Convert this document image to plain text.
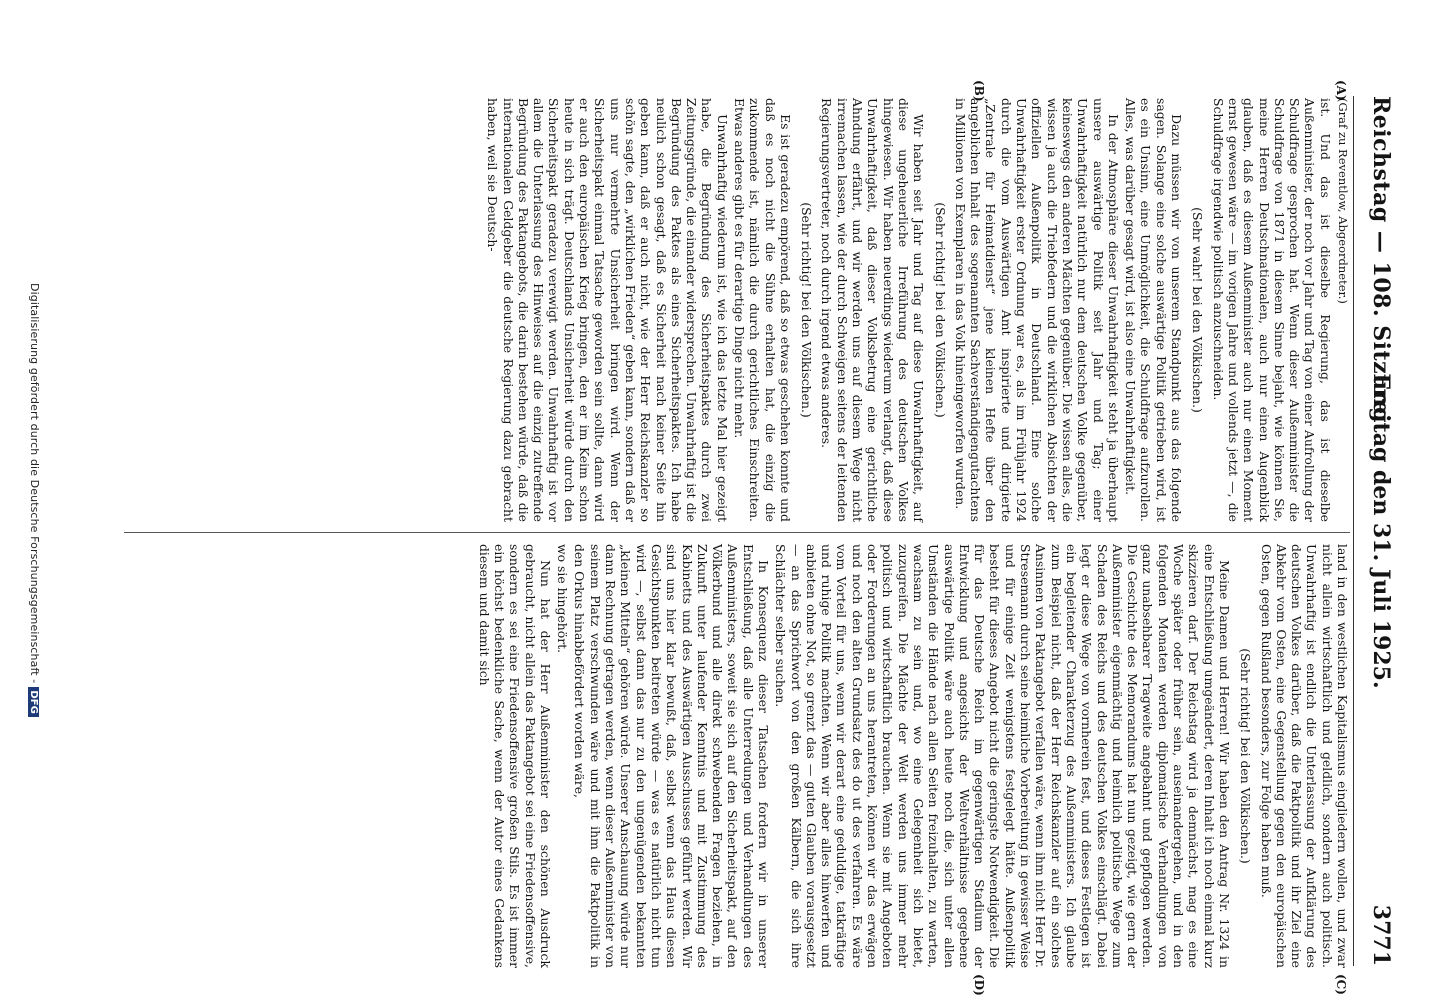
Reichstag — 108. Sitzung.
Freitag den 31. Juli 1925.
3771
(A)
(B)
(C)
(D)

(Graf zu Reventlow, Abgeordneter.)

ist. Und das ist dieselbe Regierung, das ist dieselbe Außenminister, der noch vor Jahr und Tag von einer Aufrollung der Schuldfrage gesprochen hat. Wenn dieser Außenminister die Schuldfrage von 1871 in diesem Sinne bejaht, wie können Sie, meine Herren Deutschnationalen, auch nur einen Augenblick glauben, daß es diesem Außenminister auch nur einen Moment ernst gewesen wäre — im vorigen Jahre und vollends jetzt —, die Schuldfrage irgendwie politisch anzuschneiden.

(Sehr wahr! bei den Völkischen.)

Dazu müssen wir von unserem Standpunkt aus das folgende sagen. Solange eine solche auswärtige Politik getrieben wird, ist es ein Unsinn, eine Unmöglichkeit, die Schuldfrage aufzurollen. Alles, was darüber gesagt wird, ist also eine Unwahrhaftigkeit.

In der Atmosphäre dieser Unwahrhaftigkeit steht ja überhaupt unsere auswärtige Politik seit Jahr und Tag; einer Unwahrhaftigkeit natürlich nur dem deutschen Volke gegenüber, keineswegs den anderen Mächten gegenüber. Die wissen alles, die wissen ja auch die Triebfedern und die wirklichen Absichten der offiziellen Außenpolitik in Deutschland. Eine solche Unwahrhaftigkeit erster Ordnung war es, als im Frühjahr 1924 durch die vom Auswärtigen Amt inspirierte und dirigierte „Zentrale für Heimatdienst“ jene kleinen Hefte über den angeblichen Inhalt des sogenannten Sachverständigengutachtens in Millionen von Exemplaren in das Volk hineingeworfen wurden.

(Sehr richtig! bei den Völkischen.)

Wir haben seit Jahr und Tag auf diese Unwahrhaftigkeit, auf diese ungeheuerliche Irreführung des deutschen Volkes hingewiesen. Wir haben neuerdings wiederum verlangt, daß diese Unwahrhaftigkeit, daß dieser Volksbetrug eine gerichtliche Ahndung erfährt, und wir werden uns auf diesem Wege nicht irremachen lassen, wie der durch Schweigen seitens der leitenden Regierungsvertreter, noch durch irgend etwas anderes.

(Sehr richtig! bei den Völkischen.)

Es ist geradezu empörend, daß so etwas geschehen konnte und daß es noch nicht die Sühne erhalten hat, die einzig die zukommende ist, nämlich die durch gerichtliches Einschreiten. Etwas anderes gibt es für derartige Dinge nicht mehr.

Unwahrhaftig wiederum ist, wie ich das letzte Mal hier gezeigt habe, die Begründung des Sicherheitspaktes durch zwei Zeitungsgründe, die einander widersprechen. Unwahrhaftig ist die Begründung des Paktes als eines Sicherheitspaktes. Ich habe neulich schon gesagt, daß es Sicherheit nach keiner Seite hin geben kann, daß er auch nicht, wie der Herr Reichskanzler so schön sagte, den „wirklichen Frieden“ geben kann, sondern daß er uns nur vermehrte Unsicherheit bringen wird. Wenn der Sicherheitspakt einmal Tatsache geworden sein sollte, dann wird er auch den europäischen Krieg bringen, den er im Keim schon heute in sich trägt. Deutschlands Unsicherheit würde durch den Sicherheitspakt geradezu verewigt werden. Unwahrhaftig ist vor allem die Unterlassung des Hinweises auf die einzig zutreffende Begründung des Paktangebots, die darin bestehen würde, daß die internationalen Geldgeber die deutsche Regierung dazu gebracht haben, weil sie Deutsch-

land in den westlichen Kapitalismus eingliedern wollen, und zwar nicht allein wirtschaftlich und geldlich, sondern auch politisch. Unwahrhaftig ist endlich die Unterlassung der Aufklärung des deutschen Volkes darüber, daß die Paktpolitik und ihr Ziel eine Abkehr vom Osten, eine Gegenstellung gegen den europäischen Osten, gegen Rußland besonders, zur Folge haben muß.

(Sehr richtig! bei den Völkischen.)

Meine Damen und Herren! Wir haben den Antrag Nr. 1324 in eine Entschließung umgeändert, deren Inhalt ich noch einmal kurz skizzieren darf. Der Reichstag wird ja demnächst, mag es eine Woche später oder früher sein, auseinandergehen, und in den folgenden Monaten werden diplomatische Verhandlungen von ganz unabsehbarer Tragweite angebahnt und gepflogen werden. Die Geschichte des Memorandums hat nun gezeigt, wie gern der Außenminister eigenmächtig und heimlich politische Wege zum Schaden des Reichs und des deutschen Volkes einschlägt. Dabei legt er diese Wege von vornherein fest, und dieses Festlegen ist ein begleitender Charakterzug des Außenministers. Ich glaube zum Beispiel nicht, daß der Herr Reichskanzler auf ein solches Ansinnen von Paktangebot verfallen wäre, wenn ihm nicht Herr Dr. Stresemann durch seine heimliche Vorbereitung in gewisser Weise und für einige Zeit wenigstens festgelegt hätte. Außenpolitik besteht für dieses Angebot nicht die geringste Notwendigkeit. Die für das Deutsche Reich im gegenwärtigen Stadium der Entwicklung und angesichts der Weltverhältnisse gegebene auswärtige Politik wäre auch heute noch die, sich unter allen Umständen die Hände nach allen Seiten freizuhalten, zu warten, wachsam zu sein und, wo eine Gelegenheit sich bietet, zuzugreifen. Die Mächte der Welt werden uns immer mehr politisch und wirtschaftlich brauchen. Wenn sie mit Angeboten oder Forderungen an uns herantreten, können wir das erwägen und noch den alten Grundsatz des do ut des verfahren. Es wäre vom Vorteil für uns, wenn wir derart eine geduldige, tatkräftige und ruhige Politik machten. Wenn wir aber alles hinwerfen und anbieten ohne Not, so grenzt das — guten Glauben vorausgesetzt — an das Sprichwort von den großen Kälbern, die sich ihre Schlächter selber suchen.

In Konsequenz dieser Tatsachen fordern wir in unserer Entschließung, daß alle Unterredungen und Verhandlungen des Außenministers, soweit sie sich auf den Sicherheitspakt, auf den Völkerbund und alle direkt schwebenden Fragen beziehen, in Zukunft unter laufender Kenntnis und mit Zustimmung des Kabinetts und des Auswärtigen Ausschusses geführt werden. Wir sind uns hier klar bewußt, daß, selbst wenn das Haus diesen Gesichtspunkten beitreten würde — was es natürlich nicht tun wird —, selbst dann das nur zu den ungenügenden bekannten „kleinen Mitteln“ gehören würde. Unserer Anschauung würde nur dann Rechnung getragen werden, wenn dieser Außenminister von seinem Platz verschwunden wäre und mit ihm die Paktpolitik in den Orkus hinabbefördert worden wäre,

wo sie hingehört.

Nun hat der Herr Außenminister den schönen Ausdruck gebraucht, nicht allein das Paktangebot sei eine Friedensoffensive, sondern es sei eine Friedensoffensive großen Stils. Es ist immer ein höchst bedenkliche Sache, wenn der Autor eines Gedankens diesem und damit sich

Digitalisierung gefördert durch die Deutsche Forschungsgemeinschaft -DFG
